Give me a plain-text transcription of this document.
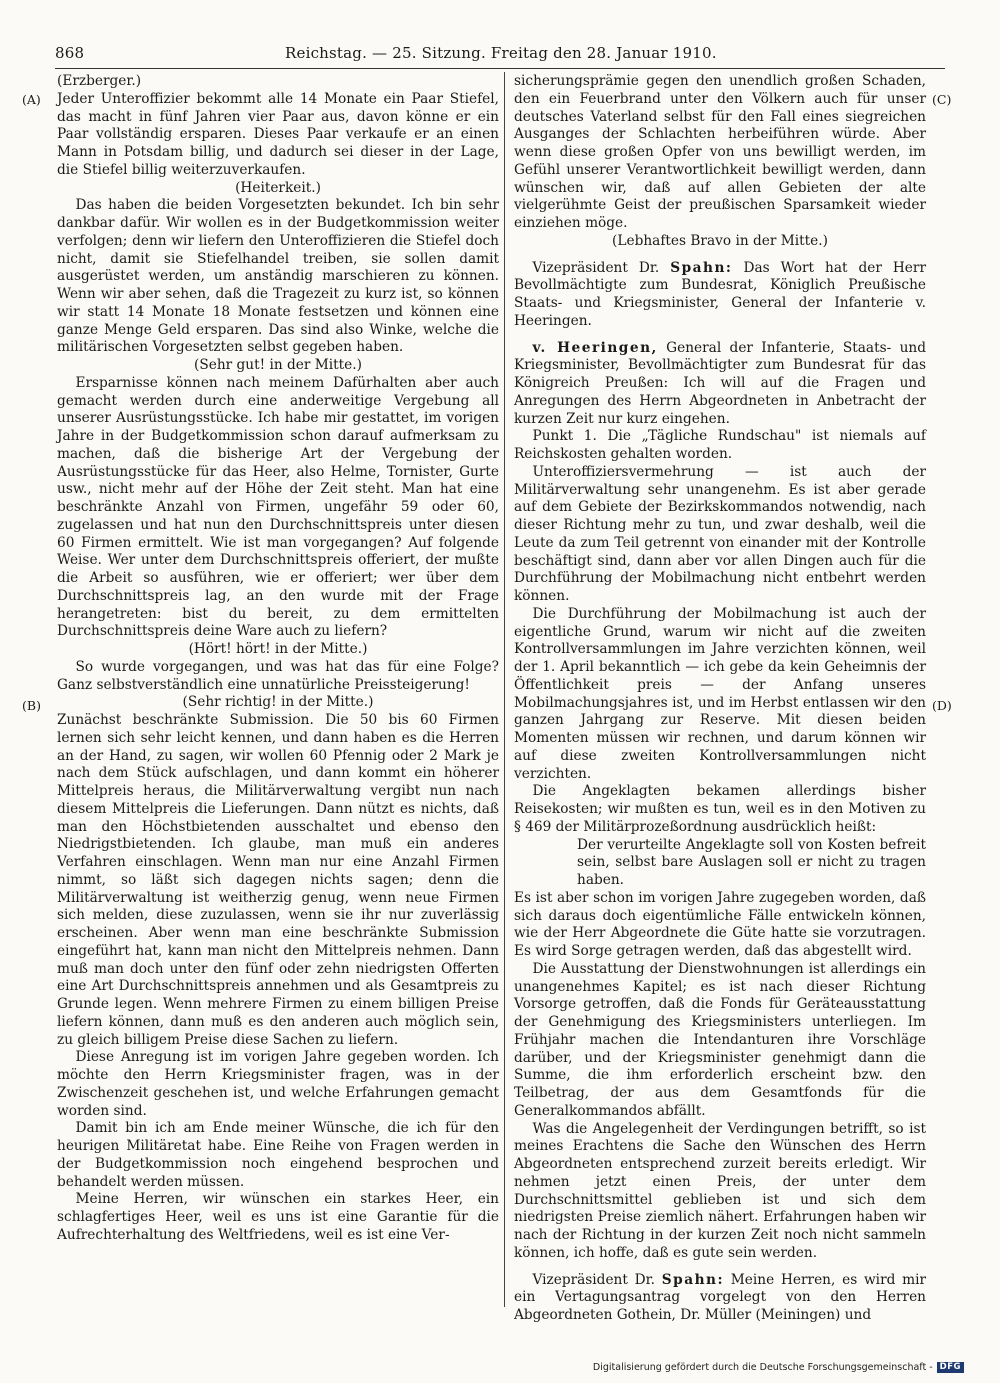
868	Reichstag. — 25. Sitzung. Freitag den 28. Januar 1910.
(A)
(B)
(C)
(D)

(Erzberger.)

Jeder Unteroffizier bekommt alle 14 Monate ein Paar Stiefel, das macht in fünf Jahren vier Paar aus, davon könne er ein Paar vollständig ersparen. Dieses Paar verkaufe er an einen Mann in Potsdam billig, und dadurch sei dieser in der Lage, die Stiefel billig weiterzuverkaufen.

(Heiterkeit.)

Das haben die beiden Vorgesetzten bekundet. Ich bin sehr dankbar dafür. Wir wollen es in der Budgetkommission weiter verfolgen; denn wir liefern den Unteroffizieren die Stiefel doch nicht, damit sie Stiefelhandel treiben, sie sollen damit ausgerüstet werden, um anständig marschieren zu können. Wenn wir aber sehen, daß die Tragezeit zu kurz ist, so können wir statt 14 Monate 18 Monate festsetzen und können eine ganze Menge Geld ersparen. Das sind also Winke, welche die militärischen Vorgesetzten selbst gegeben haben.

(Sehr gut! in der Mitte.)

Ersparnisse können nach meinem Dafürhalten aber auch gemacht werden durch eine anderweitige Vergebung all unserer Ausrüstungsstücke. Ich habe mir gestattet, im vorigen Jahre in der Budgetkommission schon darauf aufmerksam zu machen, daß die bisherige Art der Vergebung der Ausrüstungsstücke für das Heer, also Helme, Tornister, Gurte usw., nicht mehr auf der Höhe der Zeit steht. Man hat eine beschränkte Anzahl von Firmen, ungefähr 59 oder 60, zugelassen und hat nun den Durchschnittspreis unter diesen 60 Firmen ermittelt. Wie ist man vorgegangen? Auf folgende Weise. Wer unter dem Durchschnittspreis offeriert, der mußte die Arbeit so ausführen, wie er offeriert; wer über dem Durchschnittspreis lag, an den wurde mit der Frage herangetreten: bist du bereit, zu dem ermittelten Durchschnittspreis deine Ware auch zu liefern?

(Hört! hört! in der Mitte.)

So wurde vorgegangen, und was hat das für eine Folge? Ganz selbstverständlich eine unnatürliche Preissteigerung!

(Sehr richtig! in der Mitte.)

Zunächst beschränkte Submission. Die 50 bis 60 Firmen lernen sich sehr leicht kennen, und dann haben es die Herren an der Hand, zu sagen, wir wollen 60 Pfennig oder 2 Mark je nach dem Stück aufschlagen, und dann kommt ein höherer Mittelpreis heraus, die Militärverwaltung vergibt nun nach diesem Mittelpreis die Lieferungen. Dann nützt es nichts, daß man den Höchstbietenden ausschaltet und ebenso den Niedrigstbietenden. Ich glaube, man muß ein anderes Verfahren einschlagen. Wenn man nur eine Anzahl Firmen nimmt, so läßt sich dagegen nichts sagen; denn die Militärverwaltung ist weitherzig genug, wenn neue Firmen sich melden, diese zuzulassen, wenn sie ihr nur zuverlässig erscheinen. Aber wenn man eine beschränkte Submission eingeführt hat, kann man nicht den Mittelpreis nehmen. Dann muß man doch unter den fünf oder zehn niedrigsten Offerten eine Art Durchschnittspreis annehmen und als Gesamtpreis zu Grunde legen. Wenn mehrere Firmen zu einem billigen Preise liefern können, dann muß es den anderen auch möglich sein, zu gleich billigem Preise diese Sachen zu liefern.

Diese Anregung ist im vorigen Jahre gegeben worden. Ich möchte den Herrn Kriegsminister fragen, was in der Zwischenzeit geschehen ist, und welche Erfahrungen gemacht worden sind.

Damit bin ich am Ende meiner Wünsche, die ich für den heurigen Militäretat habe. Eine Reihe von Fragen werden in der Budgetkommission noch eingehend besprochen und behandelt werden müssen.

Meine Herren, wir wünschen ein starkes Heer, ein schlagfertiges Heer, weil es uns ist eine Garantie für die Aufrechterhaltung des Weltfriedens, weil es ist eine Ver-

sicherungsprämie gegen den unendlich großen Schaden, den ein Feuerbrand unter den Völkern auch für unser deutsches Vaterland selbst für den Fall eines siegreichen Ausganges der Schlachten herbeiführen würde. Aber wenn diese großen Opfer von uns bewilligt werden, im Gefühl unserer Verantwortlichkeit bewilligt werden, dann wünschen wir, daß auf allen Gebieten der alte vielgerühmte Geist der preußischen Sparsamkeit wieder einziehen möge.

(Lebhaftes Bravo in der Mitte.)

Vizepräsident Dr. Spahn: Das Wort hat der Herr Bevollmächtigte zum Bundesrat, Königlich Preußische Staats- und Kriegsminister, General der Infanterie v. Heeringen.

v. Heeringen, General der Infanterie, Staats- und Kriegsminister, Bevollmächtigter zum Bundesrat für das Königreich Preußen: Ich will auf die Fragen und Anregungen des Herrn Abgeordneten in Anbetracht der kurzen Zeit nur kurz eingehen.

Punkt 1. Die „Tägliche Rundschau" ist niemals auf Reichskosten gehalten worden.

Unteroffiziersvermehrung — ist auch der Militärverwaltung sehr unangenehm. Es ist aber gerade auf dem Gebiete der Bezirkskommandos notwendig, nach dieser Richtung mehr zu tun, und zwar deshalb, weil die Leute da zum Teil getrennt von einander mit der Kontrolle beschäftigt sind, dann aber vor allen Dingen auch für die Durchführung der Mobilmachung nicht entbehrt werden können.

Die Durchführung der Mobilmachung ist auch der eigentliche Grund, warum wir nicht auf die zweiten Kontrollversammlungen im Jahre verzichten können, weil der 1. April bekanntlich — ich gebe da kein Geheimnis der Öffentlichkeit preis — der Anfang unseres Mobilmachungsjahres ist, und im Herbst entlassen wir den ganzen Jahrgang zur Reserve. Mit diesen beiden Momenten müssen wir rechnen, und darum können wir auf diese zweiten Kontrollversammlungen nicht verzichten.

Die Angeklagten bekamen allerdings bisher Reisekosten; wir mußten es tun, weil es in den Motiven zu § 469 der Militärprozeßordnung ausdrücklich heißt:

Der verurteilte Angeklagte soll von Kosten befreit sein, selbst bare Auslagen soll er nicht zu tragen haben.

Es ist aber schon im vorigen Jahre zugegeben worden, daß sich daraus doch eigentümliche Fälle entwickeln können, wie der Herr Abgeordnete die Güte hatte sie vorzutragen. Es wird Sorge getragen werden, daß das abgestellt wird.

Die Ausstattung der Dienstwohnungen ist allerdings ein unangenehmes Kapitel; es ist nach dieser Richtung Vorsorge getroffen, daß die Fonds für Geräteausstattung der Genehmigung des Kriegsministers unterliegen. Im Frühjahr machen die Intendanturen ihre Vorschläge darüber, und der Kriegsminister genehmigt dann die Summe, die ihm erforderlich erscheint bzw. den Teilbetrag, der aus dem Gesamtfonds für die Generalkommandos abfällt.

Was die Angelegenheit der Verdingungen betrifft, so ist meines Erachtens die Sache den Wünschen des Herrn Abgeordneten entsprechend zurzeit bereits erledigt. Wir nehmen jetzt einen Preis, der unter dem Durchschnittsmittel geblieben ist und sich dem niedrigsten Preise ziemlich nähert. Erfahrungen haben wir nach der Richtung in der kurzen Zeit noch nicht sammeln können, ich hoffe, daß es gute sein werden.

Vizepräsident Dr. Spahn: Meine Herren, es wird mir ein Vertagungsantrag vorgelegt von den Herren Abgeordneten Gothein, Dr. Müller (Meiningen) und

Digitalisierung gefördert durch die Deutsche Forschungsgemeinschaft - DFG
